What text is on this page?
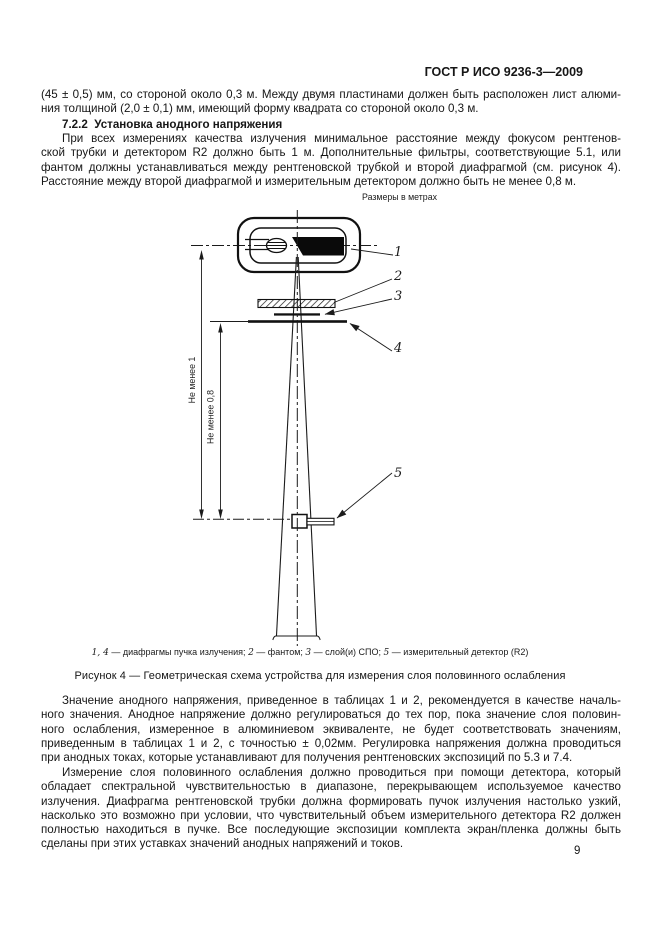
ГОСТ Р ИСО 9236-3—2009
(45 ± 0,5) мм, со стороной около 0,3 м. Между двумя пластинами должен быть расположен лист алюми-
ния толщиной (2,0 ± 0,1) мм, имеющий форму квадрата со стороной около 0,3 м.
7.2.2  Установка анодного напряжения
При всех измерениях качества излучения минимальное расстояние между фокусом рентгенов-
ской трубки и детектором R2 должно быть 1 м. Дополнительные фильтры, соответствующие 5.1, или
фантом должны устанавливаться между рентгеновской трубкой и второй диафрагмой (см. рисунок 4).
Расстояние между второй диафрагмой и измерительным детектором должно быть не менее 0,8 м.
Размеры в метрах
Не менее 1
Не менее 0,8
1
2
3
4
5
1, 4 — диафрагмы пучка излучения; 2 — фантом; 3 — слой(и) СПО; 5 — измерительный детектор (R2)
Рисунок 4 — Геометрическая схема устройства для измерения слоя половинного ослабления
Значение анодного напряжения, приведенное в таблицах 1 и 2, рекомендуется в качестве началь-
ного значения. Анодное напряжение должно регулироваться до тех пор, пока значение слоя половин-
ного ослабления, измеренное в алюминиевом эквиваленте, не будет соответствовать значениям,
приведенным в таблицах 1 и 2, с точностью ± 0,02мм. Регулировка напряжения должна проводиться
при анодных токах, которые устанавливают для получения рентгеновских экспозиций по 5.3 и 7.4.
Измерение слоя половинного ослабления должно проводиться при помощи детектора, который
обладает спектральной чувствительностью в диапазоне, перекрывающем используемое качество
излучения. Диафрагма рентгеновской трубки должна формировать пучок излучения настолько узкий,
насколько это возможно при условии, что чувствительный объем измерительного детектора R2 должен
полностью находиться в пучке. Все последующие экспозиции комплекта экран/пленка должны быть
сделаны при этих уставках значений анодных напряжений и токов.
9
